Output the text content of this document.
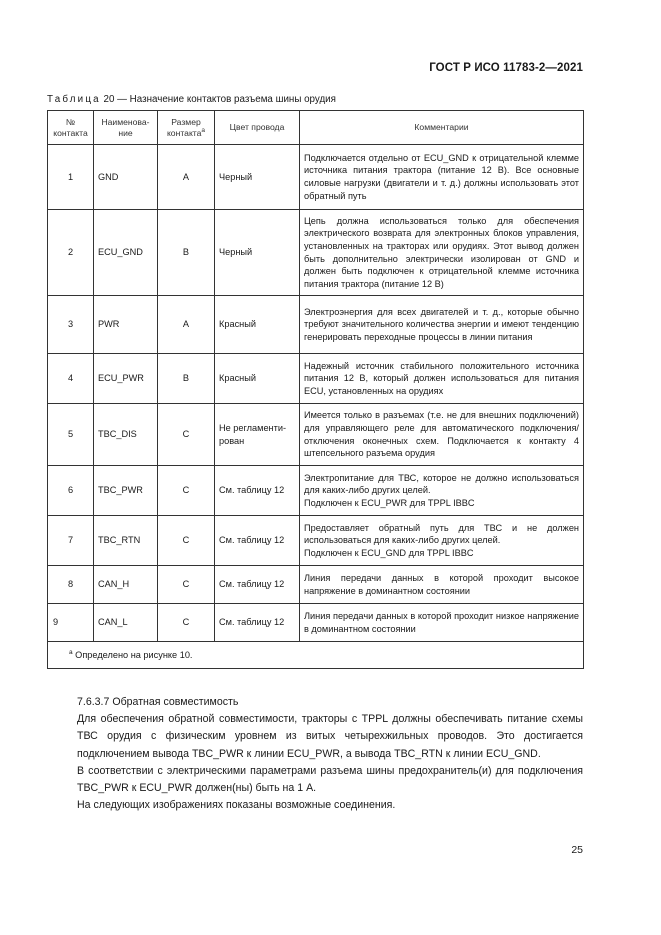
ГОСТ Р ИСО 11783-2—2021
Таблица 20 — Назначение контактов разъема шины орудия
№ контакта	Наименова-ние	Размер контакта$^a$	Цвет провода	Комментарии
1	GND	A	Черный	Подключается отдельно от ECU_GND к отрицательной клемме источника питания трактора (питание 12 В). Все основные силовые нагрузки (двигатели и т. д.) должны использовать этот обратный путь
2	ECU_GND	B	Черный	Цепь должна использоваться только для обеспечения электрического возврата для электронных блоков управления, установленных на тракторах или орудиях. Этот вывод должен быть дополнительно электрически изолирован от GND и должен быть подключен к отрицательной клемме источника питания трактора (питание 12 В)
3	PWR	A	Красный	Электроэнергия для всех двигателей и т. д., которые обычно требуют значительного количества энергии и имеют тенденцию генерировать переходные процессы в линии питания
4	ECU_PWR	B	Красный	Надежный источник стабильного положительного источника питания 12 В, который должен использоваться для питания ECU, установленных на орудиях
5	TBC_DIS	C	Не регламенти-рован	Имеется только в разъемах (т.е. не для внешних подключений) для управляющего реле для автоматического подключения/отключения оконечных схем. Подключается к контакту 4 штепсельного разъема орудия
6	TBC_PWR	C	См. таблицу 12	Электропитание для ТВС, которое не должно использоваться для каких-либо других целей.
Подключен к ECU_PWR для TPPL IBBC

7	TBC_RTN	C	См. таблицу 12	Предоставляет обратный путь для ТВС и не должен использоваться для каких-либо других целей.
Подключен к ECU_GND для TPPL IBBC

8	CAN_H	C	См. таблицу 12	Линия передачи данных в которой проходит высокое напряжение в доминантном состоянии
9	CAN_L	C	См. таблицу 12	Линия передачи данных в которой проходит низкое напряжение в доминантном состоянии
$^a$ Определено на рисунке 10.				

7.6.3.7 Обратная совместимость

Для обеспечения обратной совместимости, тракторы с TPPL должны обеспечивать питание схемы ТВС орудия с физическим уровнем из витых четырехжильных проводов. Это достигается подключением вывода TBC_PWR к линии ECU_PWR, а вывода TBC_RTN к линии ECU_GND.

В соответствии с электрическими параметрами разъема шины предохранитель(и) для подключения TBC_PWR к ECU_PWR должен(ны) быть на 1 А.

На следующих изображениях показаны возможные соединения.

25
